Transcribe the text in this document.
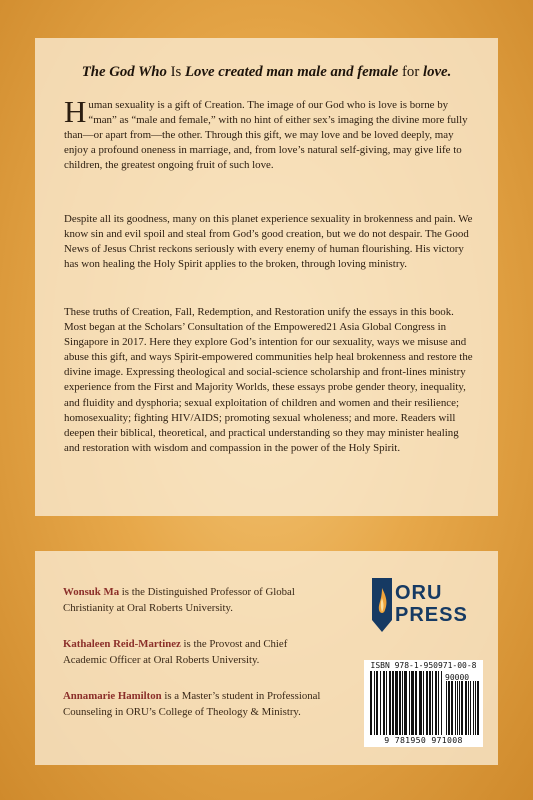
The God Who Is Love created man male and female for love.

Human sexuality is a gift of Creation. The image of our God who is love is borne by “man” as “male and female,” with no hint of either sex’s imaging the divine more fully than—or apart from—the other. Through this gift, we may love and be loved deeply, may enjoy a profound oneness in marriage, and, from love’s natural self-giving, may give life to children, the greatest ongoing fruit of such love.

Despite all its goodness, many on this planet experience sexuality in brokenness and pain. We know sin and evil spoil and steal from God’s good creation, but we do not despair. The Good News of Jesus Christ reckons seriously with every enemy of human flourishing. His victory has won healing the Holy Spirit applies to the broken, through loving ministry.

These truths of Creation, Fall, Redemption, and Restoration unify the essays in this book. Most began at the Scholars’ Consultation of the Empowered21 Asia Global Congress in Singapore in 2017. Here they explore God’s intention for our sexuality, ways we misuse and abuse this gift, and ways Spirit-empowered communities help heal brokenness and restore the divine image. Expressing theological and social-science scholarship and front-lines ministry experience from the First and Majority Worlds, these essays probe gender theory, inequality, and fluidity and dysphoria; sexual exploitation of children and women and their resilience; homosexuality; fighting HIV/AIDS; promoting sexual wholeness; and more. Readers will deepen their biblical, theoretical, and practical understanding so they may minister healing and restoration with wisdom and compassion in the power of the Holy Spirit.

Wonsuk Ma is the Distinguished Professor of Global Christianity at Oral Roberts University.

Kathaleen Reid-Martinez is the Provost and Chief Academic Officer at Oral Roberts University.

Annamarie Hamilton is a Master’s student in Professional Counseling in ORU’s College of Theology & Ministry.

ORU
PRESS
ISBN 978-1-950971-00-8
90000
9 781950 971008
